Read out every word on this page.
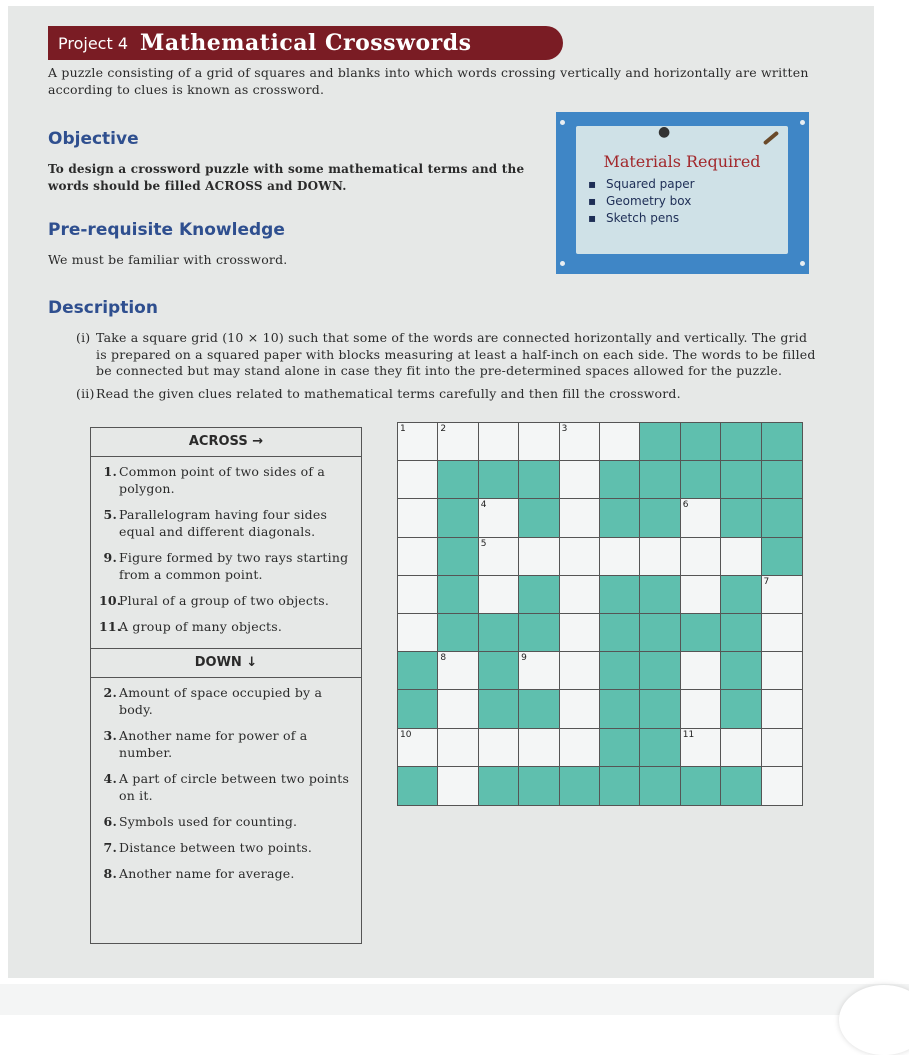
Project 4 Mathematical Crosswords
A puzzle consisting of a grid of squares and blanks into which words crossing vertically and horizontally are written according to clues is known as crossword.
Objective
To design a crossword puzzle with some mathematical terms and the words should be filled ACROSS and DOWN.
Pre-requisite Knowledge
We must be familiar with crossword.
●
Materials Required
▪ Squared paper
▪ Geometry box
▪ Sketch pens
Description
(i) Take a square grid (10 × 10) such that some of the words are connected horizontally and vertically. The grid is prepared on a squared paper with blocks measuring at least a half-inch on each side. The words to be filled be connected but may stand alone in case they fit into the pre-determined spaces allowed for the puzzle.
(ii) Read the given clues related to mathematical terms carefully and then fill the crossword.
ACROSS →
1. Common point of two sides of a polygon.
5. Parallelogram having four sides equal and different diagonals.
9. Figure formed by two rays starting from a common point.
10.
Plural of a group of two objects.
11.
A group of many objects.
DOWN ↓
2. Amount of space occupied by a body.
3. Another name for power of a number.
4. A part of circle between two points on it.
6. Symbols used for counting.
7. Distance between two points.
8. Another name for average.
1	2	3
4	6
5
7
8	9
10	11
